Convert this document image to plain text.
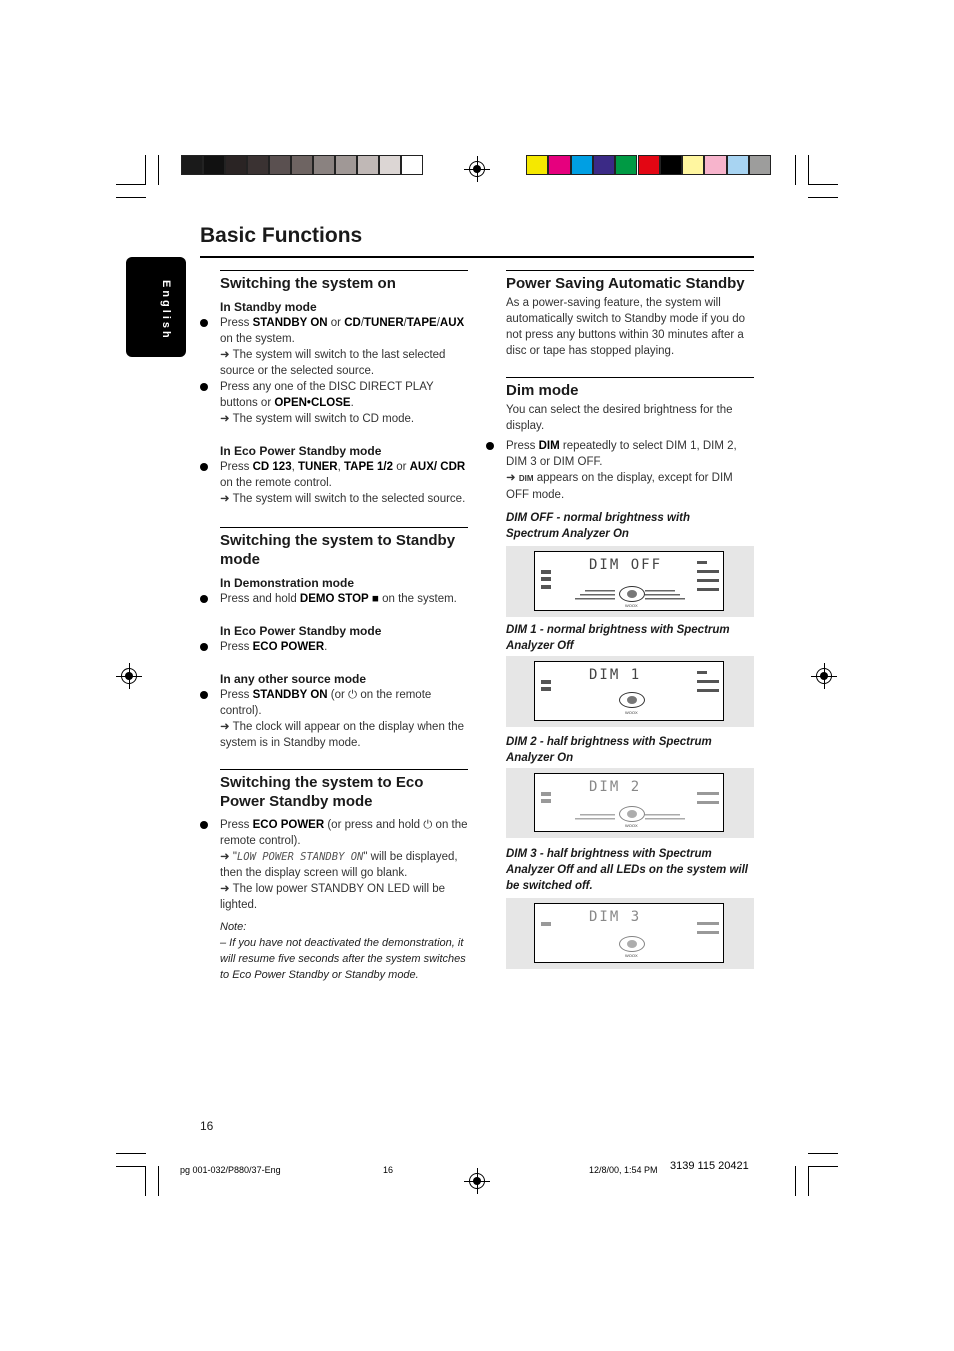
Basic Functions
English	Switching the system on
In Standby mode
Press STANDBY ON or CD/TUNER/TAPE/AUX on the system.
➜ The system will switch to the last selected source or the selected source.
Press any one of the DISC DIRECT PLAY buttons or OPEN•CLOSE.
➜ The system will switch to CD mode.
In Eco Power Standby mode
Press CD 123, TUNER, TAPE 1/2 or AUX/ CDR on the remote control.
➜ The system will switch to the selected source.
Switching the system to Standby mode
In Demonstration mode
Press and hold DEMO STOP ■ on the system.
In Eco Power Standby mode
Press ECO POWER.
In any other source mode
Press STANDBY ON (or ⏻ on the remote control).
➜ The clock will appear on the display when the system is in Standby mode.
Switching the system to Eco Power Standby mode
Press ECO POWER (or press and hold ⏻ on the remote control).
➜ "LOW POWER STANDBY ON" will be displayed, then the display screen will go blank.
➜ The low power STANDBY ON LED will be lighted.
Note:
– If you have not deactivated the demonstration, it will resume five seconds after the system switches to Eco Power Standby or Standby mode.
Power Saving Automatic Standby
As a power-saving feature, the system will automatically switch to Standby mode if you do not press any buttons within 30 minutes after a disc or tape has stopped playing.
Dim mode
You can select the desired brightness for the display.
Press DIM repeatedly to select DIM 1, DIM 2, DIM 3 or DIM OFF.
➜ DIM appears on the display, except for DIM OFF mode.
DIM OFF - normal brightness with Spectrum Analyzer On
DIM OFF
WOOX
DIM 1 - normal brightness with Spectrum Analyzer Off
DIM 1
WOOX
DIM 2 - half brightness with Spectrum Analyzer On
DIM 2
WOOX
DIM 3 - half brightness with Spectrum Analyzer Off and all LEDs on the system will be switched off.
DIM 3
WOOX
16
pg 001-032/P880/37-Eng	16	12/8/00, 1:54 PM 3139 115 20421
